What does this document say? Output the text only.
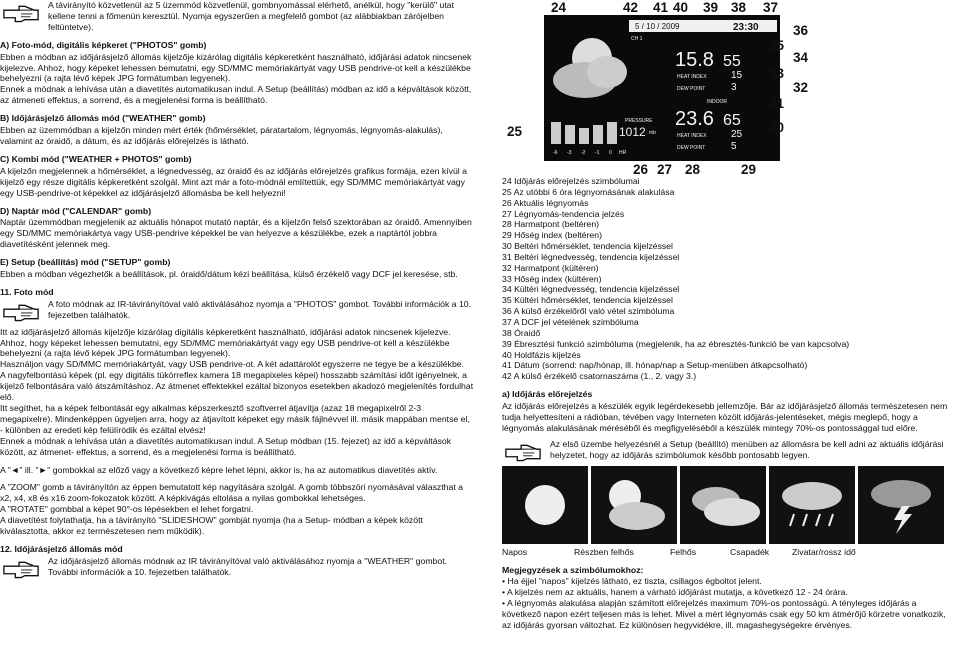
A távirányító közvetlenül az 5 üzemmód közvetlenül, gombnyomással elérhető, anélkül, hogy "kerülő" utat kellene tenni a főmenün keresztül. Nyomja egyszerűen a megfelelő gombot (az alábbiakban zárójelben feltüntetve).

A) Foto-mód, digitális képkeret ("PHOTOS" gomb)

Ebben a módban az időjárásjelző állomás kijelzője kizárólag digitális képkeretként használható, időjárási adatok nincsenek kijelezve. Ahhoz, hogy képeket lehessen bemutatni, egy SD/MMC memóriakártyát vagy USB pendrive-ot kell a készülékbe behelyezni (a rajta lévő képek JPG formátumban legyenek).

Ennek a módnak a lehívása után a diavetítés automatikusan indul. A Setup (beállítás) módban az idő a képváltások között, az átmeneti effektus, a sorrend, és a megjelenési forma is beállítható.

B) Időjárásjelző állomás mód ("WEATHER" gomb)

Ebben az üzemmódban a kijelzőn minden mért érték (hőmérséklet, páratartalom, légnyomás, légnyomás-alakulás), valamint az óraidő, a dátum, és az időjárás előrejelzés is látható.

C) Kombi mód ("WEATHER + PHOTOS" gomb)

A kijelzőn megjelennek a hőmérséklet, a légnedvesség, az óraidő és az időjárás előrejelzés grafikus formája, ezen kívül a kijelző egy része digitális képkeretként szolgál. Mint azt már a foto-módnál említettük, egy SD/MMC memóriakártyát vagy egy USB-pendrive-ot képekkel az időjárásjelző állomásba be kell helyezni!

D) Naptár mód ("CALENDAR" gomb)

Naptár üzemmódban megjelenik az aktuális hónapot mutató naptár, és a kijelzőn felső szektorában az óraidő. Amennyiben egy SD/MMC memóriakártya vagy USB-pendrive képekkel be van helyezve a készülékbe, ezek a naptártól jobbra diavetítésként jelennek meg.

E) Setup (beállítás) mód ("SETUP" gomb)

Ebben a módban végezhetők a beállítások, pl. óraidő/dátum kézi beállítása, külső érzékelő vagy DCF jel keresése, stb.

11. Foto mód

A foto módnak az IR-távirányítóval való aktiválásához nyomja a "PHOTOS" gombot. További információk a 10. fejezetben találhatók.

Itt az időjárásjelző állomás kijelzője kizárólag digitális képkeretként használható, időjárási adatok nincsenek kijelezve.

Ahhoz, hogy képeket lehessen bemutatni, egy SD/MMC memóriakártyát vagy egy USB pendrive-ot kell a készülékbe behelyezni (a rajta lévő képek JPG formátumban legyenek).

Használjon vagy SD/MMC memóriakártyát, vagy USB pendrive-ot. A két adattárolót egyszerre ne tegye be a készülékbe.

A nagyfelbontású képek (pl. egy digitális tükörreflex kamera 18 megapixeles képei) hosszabb számítási időt igényelnek, a kijelző felbontására való átszámításhoz. Az átmenet effektekkel ezáltal bizonyos esetekben akadozó megjelenítés fordulhat elő.

Itt segíthet, ha a képek felbontását egy alkalmas képszerkesztő szoftverrel átjavítja (azaz 18 megapixelről 2-3 megapixelre). Mindenképpen ügyeljen arra, hogy az átjavított képeket egy másik fájlnévvel ill. másik mappában mentse el, - különben az eredeti kép felülíródik és ezáltal elvész!

Ennek a módnak a lehívása után a diavetítés automatikusan indul. A Setup módban (15. fejezet) az idő a képváltások között, az átmenet- effektus, a sorrend, és a megjelenési forma is beállítható.

A "◄" ill. "►" gombokkal az előző vagy a következő képre lehet lépni, akkor is, ha az automatikus diavetítés aktív.

A "ZOOM" gomb a távirányítón az éppen bemutatott kép nagyítására szolgál. A gomb többszöri nyomásával választhat a x2, x4, x8 és x16 zoom-fokozatok között. A képkivágás eltolása a nyilas gombokkal lehetséges.

A "ROTATE" gombbal a képet 90°-os lépésekben el lehet forgatni.

A diavetítést folytathatja, ha a távirányító "SLIDESHOW" gombját nyomja (ha a Setup- módban a képek között kiválasztotta, akkor ez természetesen nem működik).

12. Időjárásjelző állomás mód

Az időjárásjelző állomás módnak az IR távirányítóval való aktiválásához nyomja a "WEATHER" gombot. További információk a 10. fejezetben találhatók.

24	42 41 40 39 38 37
-6 -3 -2 -1 0 HR
PRESSURE
1012 mb
5 / 10 / 2009	23:30
CH 1
15.8 55
HEAT INDEX 15
DEW POINT	3
INDOOR
23.6 65
HEAT INDEX 25
DEW POINT	5
36
35
34
33
32
31
30
25
26 27 28	29

24 Időjárás előrejelzés szimbólumai

25 Az utóbbi 6 óra légnyomásának alakulása

26 Aktuális légnyomás

27 Légnyomás-tendencia jelzés

28 Harmatpont (beltéren)

29 Hőség index (beltéren)

30 Beltéri hőmérséklet, tendencia kijelzéssel

31 Beltéri légnedvesség, tendencia kijelzéssel

32 Harmatpont (kültéren)

33 Hőség index (kültéren)

34 Kültéri légnedvesség, tendencia kijelzéssel

35 Kültéri hőmérséklet, tendencia kijelzéssel

36 A külső érzékelőről való vétel szimbóluma

37 A DCF jel vételének szimbóluma

38 Óraidő

39 Ébresztési funkció szimbóluma (megjelenik, ha az ébresztés-funkció be van kapcsolva)

40 Holdfázis kijelzés

41 Dátum (sorrend: nap/hónap, ill. hónap/nap a Setup-menüben átkapcsolható)

42 A külső érzékelő csatornaszáma (1., 2. vagy 3.)

a) Időjárás előrejelzés

Az időjárás előrejelzés a készülék egyik legérdekesebb jellemzője. Bár az időjárásjelző állomás természetesen nem tudja helyettesíteni a rádióban, tévében vagy Interneten közölt időjárás-jelentéseket, mégis meglepő, hogy a légnyomás alakulásának méréséből és megfigyeléséből a készülék mintegy 70%-os pontossággal tud előre.

Az első üzembe helyezésnél a Setup (beállító) menüben az állomásra be kell adni az aktuális időjárási helyzetet, hogy az időjárás szimbólumok később pontosabb legyen.

Napos	Részben felhős	Felhős	Csapadék	Zivatar/rossz idő

Megjegyzések a szimbólumokhoz:

• Ha éjjel "napos" kijelzés látható, ez tiszta, csillagos égboltot jelent.

• A kijelzés nem az aktuális, hanem a várható időjárást mutatja, a következő 12 - 24 órára.

• A légnyomás alakulása alapján számított előrejelzés maximum 70%-os pontosságú. A tényleges időjárás a következő napon ezért teljesen más is lehet. Mivel a mért légnyomás csak egy 50 km átmérőjű körzetre vonatkozik, az időjárás gyorsan változhat. Ez különösen hegyvidékre, ill. magashegységekre érvényes.
